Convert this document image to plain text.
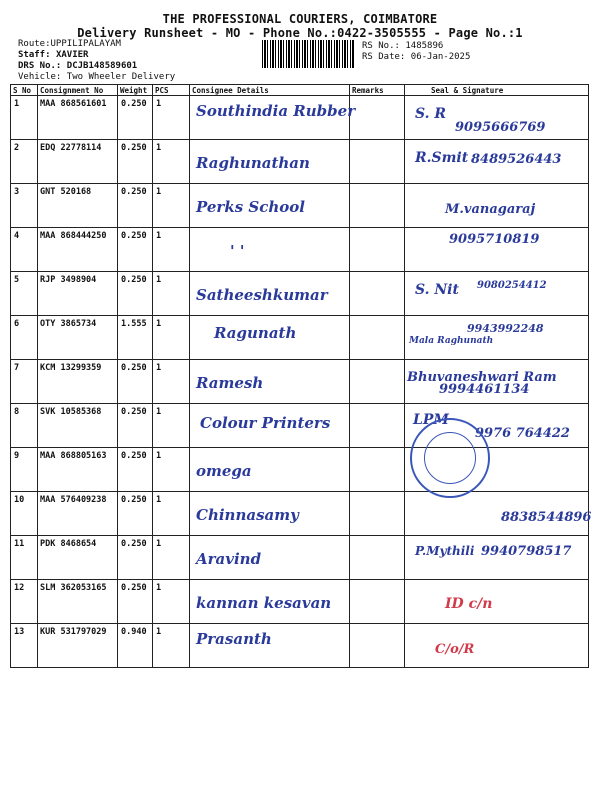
THE PROFESSIONAL COURIERS, COIMBATORE
Delivery Runsheet - MO - Phone No.:0422-3505555 - Page No.:1
Route:UPPILIPALAYAM
Staff: XAVIER
DRS No.: DCJB148589601
Vehicle: Two Wheeler Delivery
RS No.: 1485896
RS Date: 06-Jan-2025
S No	Consignment No	Weight	PCS	Consignee Details	Remarks	Seal & Signature
1	MAA 868561601	0.250	1	Southindia Rubber		S. R
9095666769

2	EDQ 22778114	0.250	1	Raghunathan		R.Smit 8489526443

3	GNT 520168	0.250	1	Perks School		M.vanagaraj

4	MAA 868444250	0.250	1	' '		9095710819

5	RJP 3498904	0.250	1	Satheeshkumar		S. Nit 9080254412

6	OTY 3865734	1.555	1	Ragunath		Mala Raghunath
9943992248

7	KCM 13299359	0.250	1	Ramesh		Bhuvaneshwari Ram
9994461134

8	SVK 10585368	0.250	1	Colour Printers		LPM
9976 764422

9	MAA 868805163	0.250	1	omega		

10	MAA 576409238	0.250	1	Chinnasamy		8838544896

11	PDK 8468654	0.250	1	Aravind		P.Mythili 9940798517

12	SLM 362053165	0.250	1	kannan kesavan		ID c/n

13	KUR 531797029	0.940	1	Prasanth		C/o/R
